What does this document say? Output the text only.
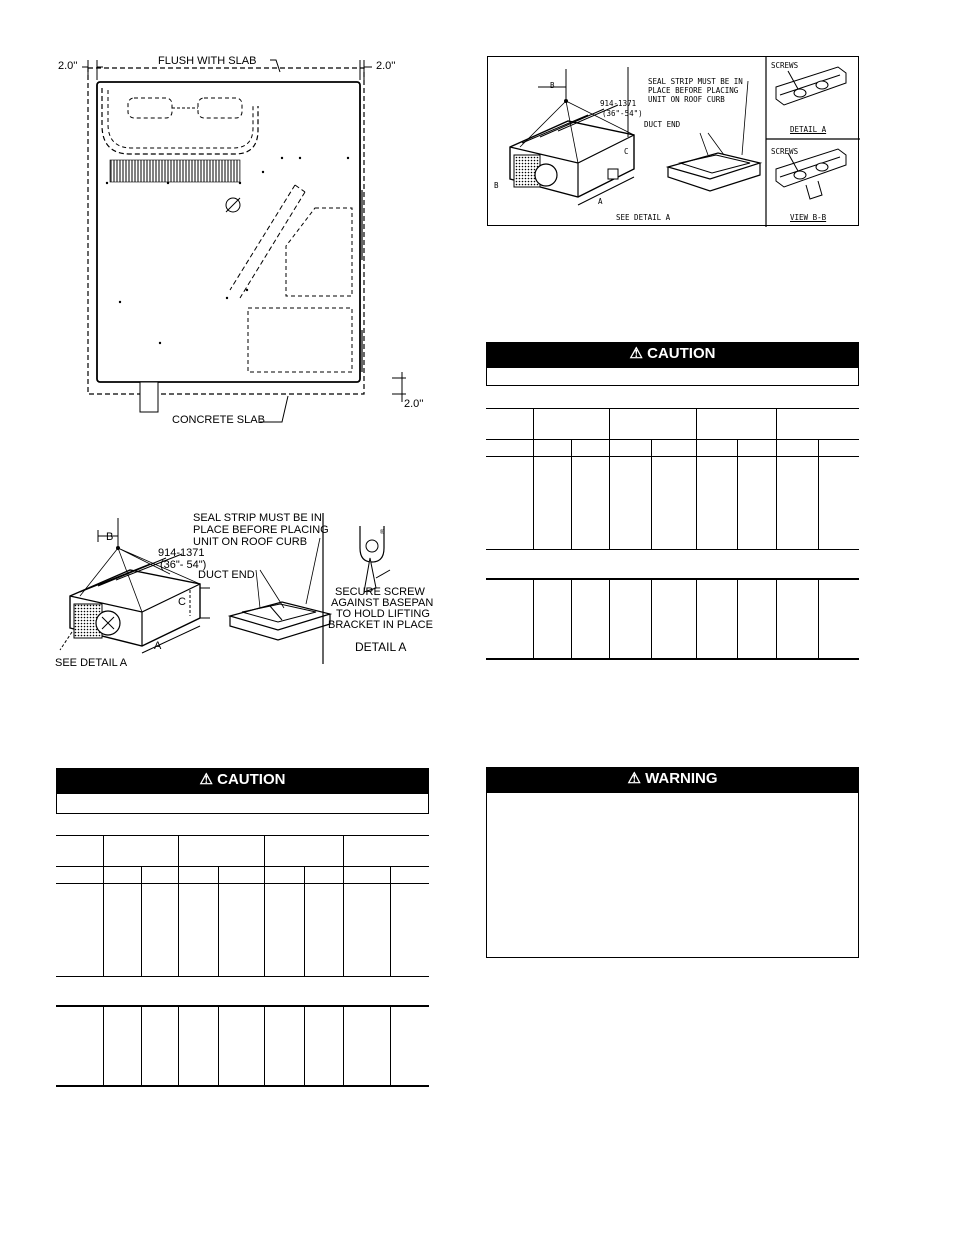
2.0''	FLUSH WITH SLAB	2.0''
2.0''
CONCRETE SLAB
®
B
914-1371
(36"- 54")
C
A
SEAL STRIP MUST BE IN
PLACE BEFORE PLACING
UNIT ON ROOF CURB
DUCT END
SEE DETAIL A
SECURE SCREW
AGAINST BASEPAN
TO HOLD LIFTING
BRACKET IN PLACE
DETAIL A
B
B
914-1371
(36"-54")
C
A
SEAL STRIP MUST BE IN
PLACE BEFORE PLACING
UNIT ON ROOF CURB
DUCT END
SEE DETAIL A
SCREWS
DETAIL A
SCREWS
VIEW B-B
⚠ CAUTION
⚠ WARNING
⚠ CAUTION
